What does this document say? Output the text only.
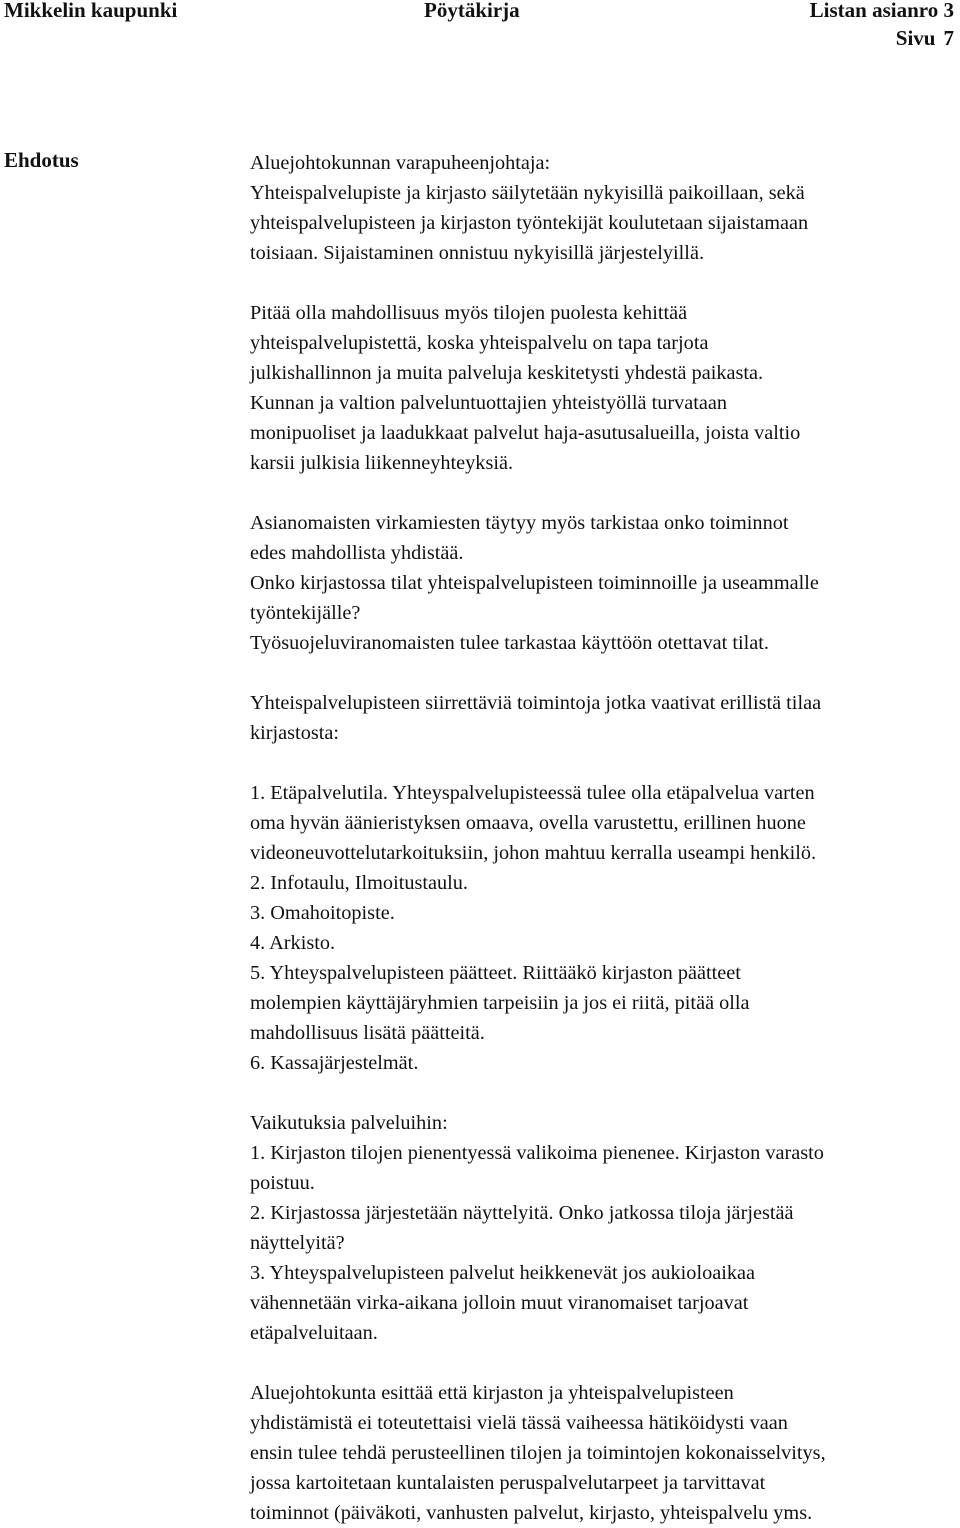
Mikkelin kaupunki	Pöytäkirja	Listan asianro 3
Sivu 7
Ehdotus	Aluejohtokunnan varapuheenjohtaja:
Yhteispalvelupiste ja kirjasto säilytetään nykyisillä paikoillaan, sekä
yhteispalvelupisteen ja kirjaston työntekijät koulutetaan sijaistamaan
toisiaan. Sijaistaminen onnistuu nykyisillä järjestelyillä.

Pitää olla mahdollisuus myös tilojen puolesta kehittää
yhteispalvelupistettä, koska yhteispalvelu on tapa tarjota
julkishallinnon ja muita palveluja keskitetysti yhdestä paikasta.
Kunnan ja valtion palveluntuottajien yhteistyöllä turvataan
monipuoliset ja laadukkaat palvelut haja-asutusalueilla, joista valtio
karsii julkisia liikenneyhteyksiä.

Asianomaisten virkamiesten täytyy myös tarkistaa onko toiminnot
edes mahdollista yhdistää.
Onko kirjastossa tilat yhteispalvelupisteen toiminnoille ja useammalle
työntekijälle?
Työsuojeluviranomaisten tulee tarkastaa käyttöön otettavat tilat.

Yhteispalvelupisteen siirrettäviä toimintoja jotka vaativat erillistä tilaa
kirjastosta:

1. Etäpalvelutila. Yhteyspalvelupisteessä tulee olla etäpalvelua varten
oma hyvän äänieristyksen omaava, ovella varustettu, erillinen huone
videoneuvottelutarkoituksiin, johon mahtuu kerralla useampi henkilö.
2. Infotaulu, Ilmoitustaulu.
3. Omahoitopiste.
4. Arkisto.
5. Yhteyspalvelupisteen päätteet. Riittääkö kirjaston päätteet
molempien käyttäjäryhmien tarpeisiin ja jos ei riitä, pitää olla
mahdollisuus lisätä päätteitä.
6. Kassajärjestelmät.

Vaikutuksia palveluihin:
1. Kirjaston tilojen pienentyessä valikoima pienenee. Kirjaston varasto
poistuu.
2. Kirjastossa järjestetään näyttelyitä. Onko jatkossa tiloja järjestää
näyttelyitä?
3. Yhteyspalvelupisteen palvelut heikkenevät jos aukioloaikaa
vähennetään virka-aikana jolloin muut viranomaiset tarjoavat
etäpalveluitaan.

Aluejohtokunta esittää että kirjaston ja yhteispalvelupisteen
yhdistämistä ei toteutettaisi vielä tässä vaiheessa hätiköidysti vaan
ensin tulee tehdä perusteellinen tilojen ja toimintojen kokonaisselvitys,
jossa kartoitetaan kuntalaisten peruspalvelutarpeet ja tarvittavat
toiminnot (päiväkoti, vanhusten palvelut, kirjasto, yhteispalvelu yms.
